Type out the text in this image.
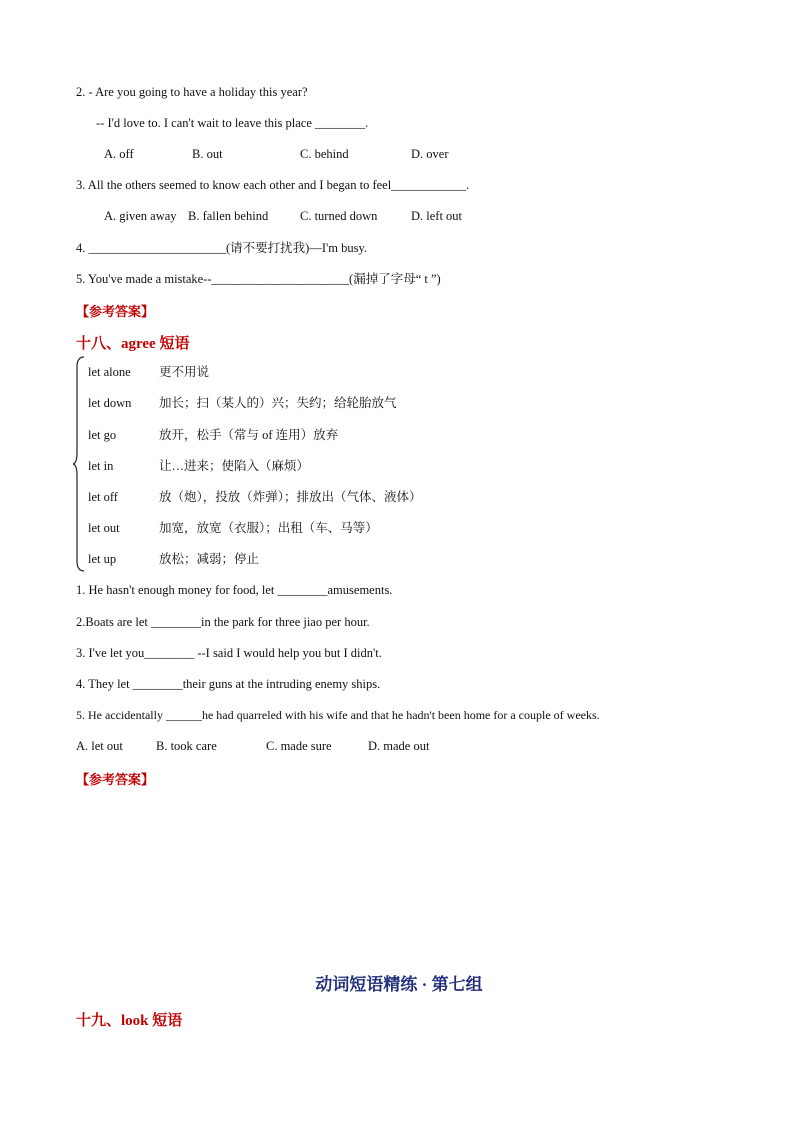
2. - Are you going to have a holiday this year?
-- I'd love to. I can't wait to leave this place ________.
A. off	B. out	C. behind	D. over
3. All the others seemed to know each other and I began to feel____________.
A. given away B. fallen behind	C. turned down	D. left out
4. ______________________(请不要打扰我)—I'm busy.
5. You've made a mistake--______________________(漏掉了字母“ t ”)
【参考答案】
十八、agree 短语
let alone 更不用说
let down 加长；扫（某人的）兴；失约；给轮胎放气
let go	放开，松手（常与 of 连用）放弃
let in	让…进来；使陷入（麻烦）
let off	放（炮），投放（炸弹）；排放出（气体、液体）
let out	加宽，放宽（衣服）；出租（车、马等）
let up	放松；减弱；停止
1. He hasn't enough money for food, let ________amusements.
2.Boats are let ________in the park for three jiao per hour.
3. I've let you________ --I said I would help you but I didn't.
4. They let ________their guns at the intruding enemy ships.
5. He accidentally ______he had quarreled with his wife and that he hadn't been home for a couple of weeks.
A. let out	B. took care	C. made sure	D. made out
【参考答案】
动词短语精练 · 第七组
十九、look 短语
